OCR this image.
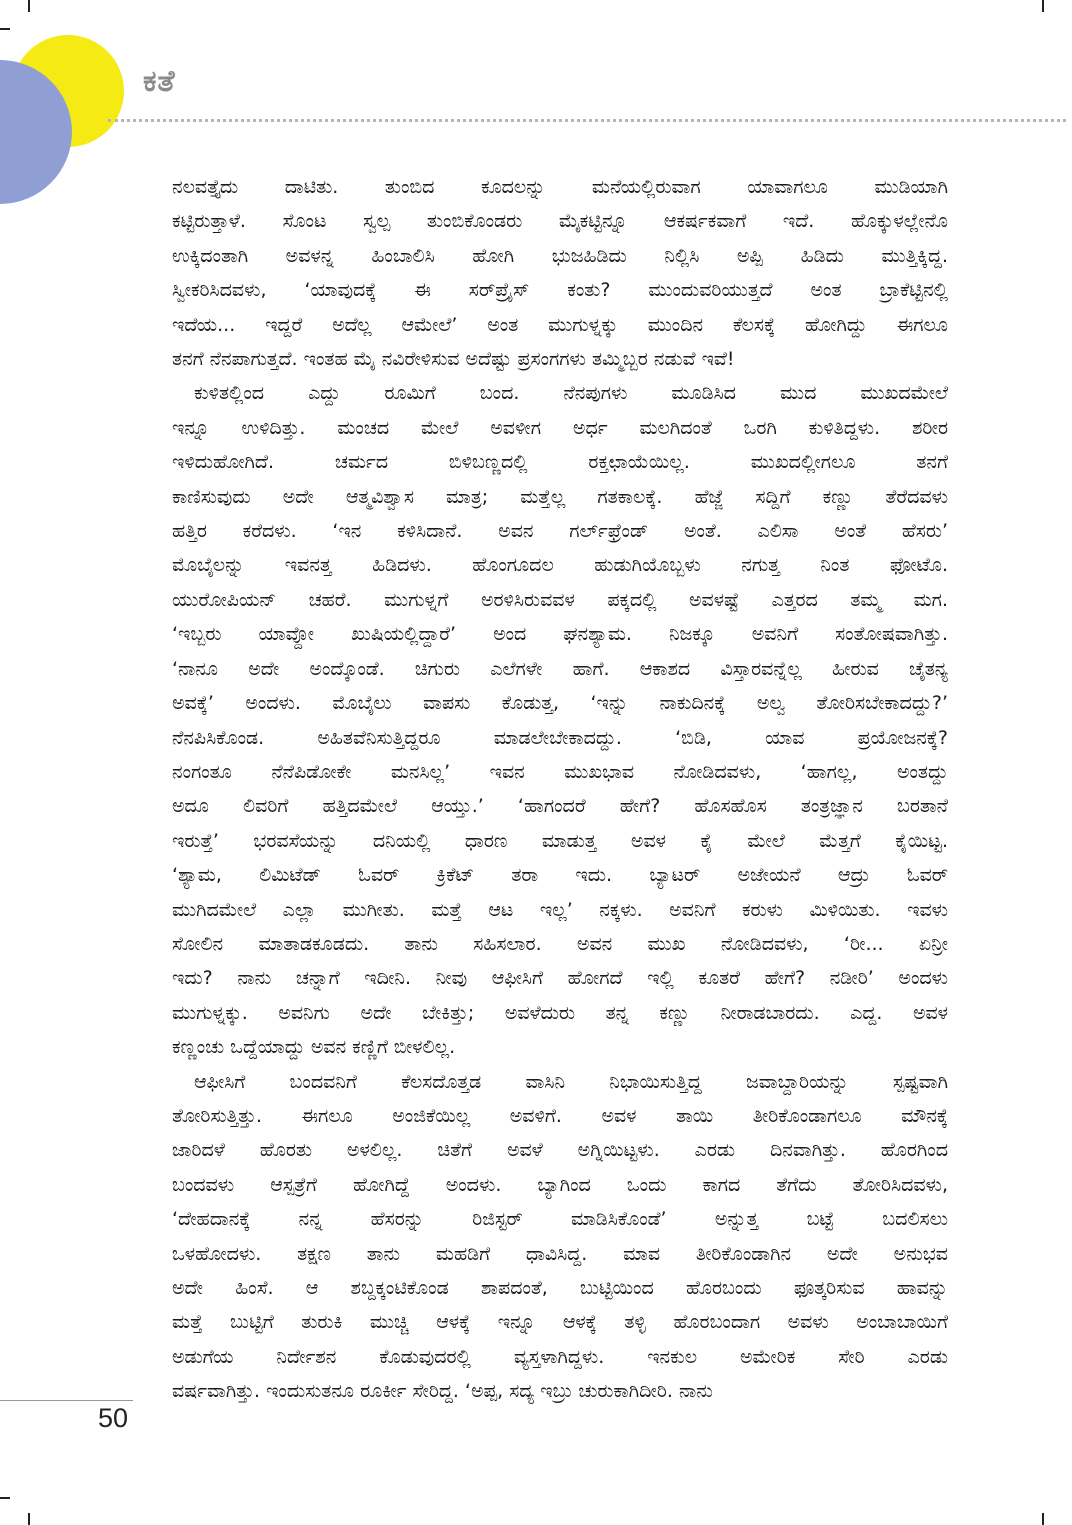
ಕತೆ
ನಲವತ್ತೈದು ದಾಟಿತು. ತುಂಬಿದ ಕೂದಲನ್ನು ಮನೆಯಲ್ಲಿರುವಾಗ ಯಾವಾಗಲೂ ಮುಡಿಯಾಗಿ
ಕಟ್ಟಿರುತ್ತಾಳೆ. ಸೊಂಟ ಸ್ವಲ್ಪ ತುಂಬಿಕೊಂಡರು ಮೈಕಟ್ಟಿನ್ನೂ ಆಕರ್ಷಕವಾಗೆ ಇದೆ. ಹೊಕ್ಕುಳಲ್ಲೇನೊ
ಉಕ್ಕಿದಂತಾಗಿ ಅವಳನ್ನ ಹಿಂಬಾಲಿಸಿ ಹೋಗಿ ಭುಜಹಿಡಿದು ನಿಲ್ಲಿಸಿ ಅಪ್ಪಿ ಹಿಡಿದು ಮುತ್ತಿಕ್ಕಿದ್ದ.
ಸ್ವೀಕರಿಸಿದವಳು, ‘ಯಾವುದಕ್ಕೆ ಈ ಸರ್‌ಪ್ರೈಸ್ ಕಂತು? ಮುಂದುವರಿಯುತ್ತದೆ ಅಂತ ಬ್ರಾಕೆಟ್ಟಿನಲ್ಲಿ
ಇದೆಯ... ಇದ್ದರೆ ಅದೆಲ್ಲ ಆಮೇಲೆ’ ಅಂತ ಮುಗುಳ್ನಕ್ಕು ಮುಂದಿನ ಕೆಲಸಕ್ಕೆ ಹೋಗಿದ್ದು ಈಗಲೂ
ತನಗೆ ನೆನಪಾಗುತ್ತದೆ. ಇಂತಹ ಮೈ ನವಿರೇಳಿಸುವ ಅದೆಷ್ಟು ಪ್ರಸಂಗಗಳು ತಮ್ಮಿಬ್ಬರ ನಡುವೆ ಇವೆ!
ಕುಳಿತಲ್ಲಿಂದ ಎದ್ದು ರೂಮಿಗೆ ಬಂದ. ನೆನಪುಗಳು ಮೂಡಿಸಿದ ಮುದ ಮುಖದಮೇಲೆ
ಇನ್ನೂ ಉಳಿದಿತ್ತು. ಮಂಚದ ಮೇಲೆ ಅವಳೀಗ ಅರ್ಧ ಮಲಗಿದಂತೆ ಒರಗಿ ಕುಳಿತಿದ್ದಳು. ಶರೀರ
ಇಳಿದುಹೋಗಿದೆ. ಚರ್ಮದ ಬಿಳಿಬಣ್ಣದಲ್ಲಿ ರಕ್ತಛಾಯೆಯಿಲ್ಲ. ಮುಖದಲ್ಲೀಗಲೂ ತನಗೆ
ಕಾಣಿಸುವುದು ಅದೇ ಆತ್ಮವಿಶ್ವಾಸ ಮಾತ್ರ; ಮತ್ತೆಲ್ಲ ಗತಕಾಲಕ್ಕೆ. ಹೆಜ್ಜೆ ಸದ್ದಿಗೆ ಕಣ್ಣು ತೆರೆದವಳು
ಹತ್ತಿರ ಕರೆದಳು. ‘ಇನ ಕಳಿಸಿದಾನೆ. ಅವನ ಗರ್ಲ್‌ಫ್ರೆಂಡ್ ಅಂತೆ. ಎಲಿಸಾ ಅಂತೆ ಹೆಸರು’
ಮೊಬೈಲನ್ನು ಇವನತ್ತ ಹಿಡಿದಳು. ಹೊಂಗೂದಲ ಹುಡುಗಿಯೊಬ್ಬಳು ನಗುತ್ತ ನಿಂತ ಫೋಟೊ.
ಯುರೋಪಿಯನ್ ಚಹರೆ. ಮುಗುಳ್ನಗೆ ಅರಳಿಸಿರುವವಳ ಪಕ್ಕದಲ್ಲಿ ಅವಳಷ್ಟೆ ಎತ್ತರದ ತಮ್ಮ ಮಗ.
‘ಇಬ್ಬರು ಯಾವ್ದೋ ಖುಷಿಯಲ್ಲಿದ್ದಾರೆ’ ಅಂದ ಘನಶ್ಯಾಮ. ನಿಜಕ್ಕೂ ಅವನಿಗೆ ಸಂತೋಷವಾಗಿತ್ತು.
‘ನಾನೂ ಅದೇ ಅಂದ್ಕೊಂಡೆ. ಚಿಗುರು ಎಲೆಗಳೇ ಹಾಗೆ. ಆಕಾಶದ ವಿಸ್ತಾರವನ್ನೆಲ್ಲ ಹೀರುವ ಚೈತನ್ಯ
ಅವಕ್ಕೆ’ ಅಂದಳು. ಮೊಬೈಲು ವಾಪಸು ಕೊಡುತ್ತ, ‘ಇನ್ನು ನಾಕುದಿನಕ್ಕೆ ಅಲ್ವ ತೋರಿಸಬೇಕಾದದ್ದು?’
ನೆನಪಿಸಿಕೊಂಡ. ಅಹಿತವೆನಿಸುತ್ತಿದ್ದರೂ ಮಾಡಲೇಬೇಕಾದದ್ದು. ‘ಬಿಡಿ, ಯಾವ ಪ್ರಯೋಜನಕ್ಕೆ?
ನಂಗಂತೂ ನೆನೆಪಿಡೋಕೇ ಮನಸಿಲ್ಲ’ ಇವನ ಮುಖಭಾವ ನೋಡಿದವಳು, ‘ಹಾಗಲ್ಲ, ಅಂತದ್ದು
ಅದೂ ಲಿವರಿಗೆ ಹತ್ತಿದಮೇಲೆ ಆಯ್ತು.’ ‘ಹಾಗಂದರೆ ಹೇಗೆ? ಹೊಸಹೊಸ ತಂತ್ರಜ್ಞಾನ ಬರತಾನೆ
ಇರುತ್ತೆ’ ಭರವಸೆಯನ್ನು ದನಿಯಲ್ಲಿ ಧಾರಣ ಮಾಡುತ್ತ ಅವಳ ಕೈ ಮೇಲೆ ಮೆತ್ತಗೆ ಕೈಯಿಟ್ಟ.
‘ಶ್ಯಾಮ, ಲಿಮಿಟೆಡ್ ಓವರ್ ಕ್ರಿಕೆಟ್ ತರಾ ಇದು. ಬ್ಯಾಟರ್ ಅಜೇಯನೆ ಆದ್ರು ಓವರ್
ಮುಗಿದಮೇಲೆ ಎಲ್ಲಾ ಮುಗೀತು. ಮತ್ತೆ ಆಟ ಇಲ್ಲ’ ನಕ್ಕಳು. ಅವನಿಗೆ ಕರುಳು ಮಿಳಿಯಿತು. ಇವಳು
ಸೋಲಿನ ಮಾತಾಡಕೂಡದು. ತಾನು ಸಹಿಸಲಾರ. ಅವನ ಮುಖ ನೋಡಿದವಳು, ‘ರೀ... ಏನ್ರೀ
ಇದು? ನಾನು ಚನ್ನಾಗೆ ಇದೀನಿ. ನೀವು ಆಫೀಸಿಗೆ ಹೋಗದೆ ಇಲ್ಲಿ ಕೂತರೆ ಹೇಗೆ? ನಡೀರಿ’ ಅಂದಳು
ಮುಗುಳ್ನಕ್ಕು. ಅವನಿಗು ಅದೇ ಬೇಕಿತ್ತು; ಅವಳೆದುರು ತನ್ನ ಕಣ್ಣು ನೀರಾಡಬಾರದು. ಎದ್ದ. ಅವಳ
ಕಣ್ಣಂಚು ಒದ್ದೆಯಾದ್ದು ಅವನ ಕಣ್ಣಿಗೆ ಬೀಳಲಿಲ್ಲ.
ಆಫೀಸಿಗೆ ಬಂದವನಿಗೆ ಕೆಲಸದೊತ್ತಡ ವಾಸಿನಿ ನಿಭಾಯಿಸುತ್ತಿದ್ದ ಜವಾಬ್ದಾರಿಯನ್ನು ಸ್ಪಷ್ಟವಾಗಿ
ತೋರಿಸುತ್ತಿತ್ತು. ಈಗಲೂ ಅಂಜಿಕೆಯಿಲ್ಲ ಅವಳಿಗೆ. ಅವಳ ತಾಯಿ ತೀರಿಕೊಂಡಾಗಲೂ ಮೌನಕ್ಕೆ
ಜಾರಿದಳೆ ಹೊರತು ಅಳಲಿಲ್ಲ. ಚಿತೆಗೆ ಅವಳೆ ಅಗ್ನಿಯಿಟ್ಟಳು. ಎರಡು ದಿನವಾಗಿತ್ತು. ಹೊರಗಿಂದ
ಬಂದವಳು ಆಸ್ಪತ್ರೆಗೆ ಹೋಗಿದ್ದೆ ಅಂದಳು. ಬ್ಯಾಗಿಂದ ಒಂದು ಕಾಗದ ತೆಗೆದು ತೋರಿಸಿದವಳು,
‘ದೇಹದಾನಕ್ಕೆ ನನ್ನ ಹೆಸರನ್ನು ರಿಜಿಸ್ಟರ್ ಮಾಡಿಸಿಕೊಂಡೆ’ ಅನ್ನುತ್ತ ಬಟ್ಟೆ ಬದಲಿಸಲು
ಒಳಹೋದಳು. ತಕ್ಷಣ ತಾನು ಮಹಡಿಗೆ ಧಾವಿಸಿದ್ದ. ಮಾವ ತೀರಿಕೊಂಡಾಗಿನ ಅದೇ ಅನುಭವ
ಅದೇ ಹಿಂಸೆ. ಆ ಶಬ್ದಕ್ಕಂಟಿಕೊಂಡ ಶಾಪದಂತೆ, ಬುಟ್ಟಿಯಿಂದ ಹೊರಬಂದು ಫೂತ್ಕರಿಸುವ ಹಾವನ್ನು
ಮತ್ತೆ ಬುಟ್ಟಿಗೆ ತುರುಕಿ ಮುಚ್ಚಿ ಆಳಕ್ಕೆ ಇನ್ನೂ ಆಳಕ್ಕೆ ತಳ್ಳಿ ಹೊರಬಂದಾಗ ಅವಳು ಅಂಬಾಬಾಯಿಗೆ
ಅಡುಗೆಯ ನಿರ್ದೇಶನ ಕೊಡುವುದರಲ್ಲಿ ವ್ಯಸ್ತಳಾಗಿದ್ದಳು. ಇನಕುಲ ಅಮೇರಿಕ ಸೇರಿ ಎರಡು
ವರ್ಷವಾಗಿತ್ತು. ಇಂದುಸುತನೂ ರೂರ್ಕೀ ಸೇರಿದ್ದ. ‘ಅಪ್ಪ, ಸದ್ಯ ಇಬ್ರು ಚುರುಕಾಗಿದೀರಿ. ನಾನು
50
